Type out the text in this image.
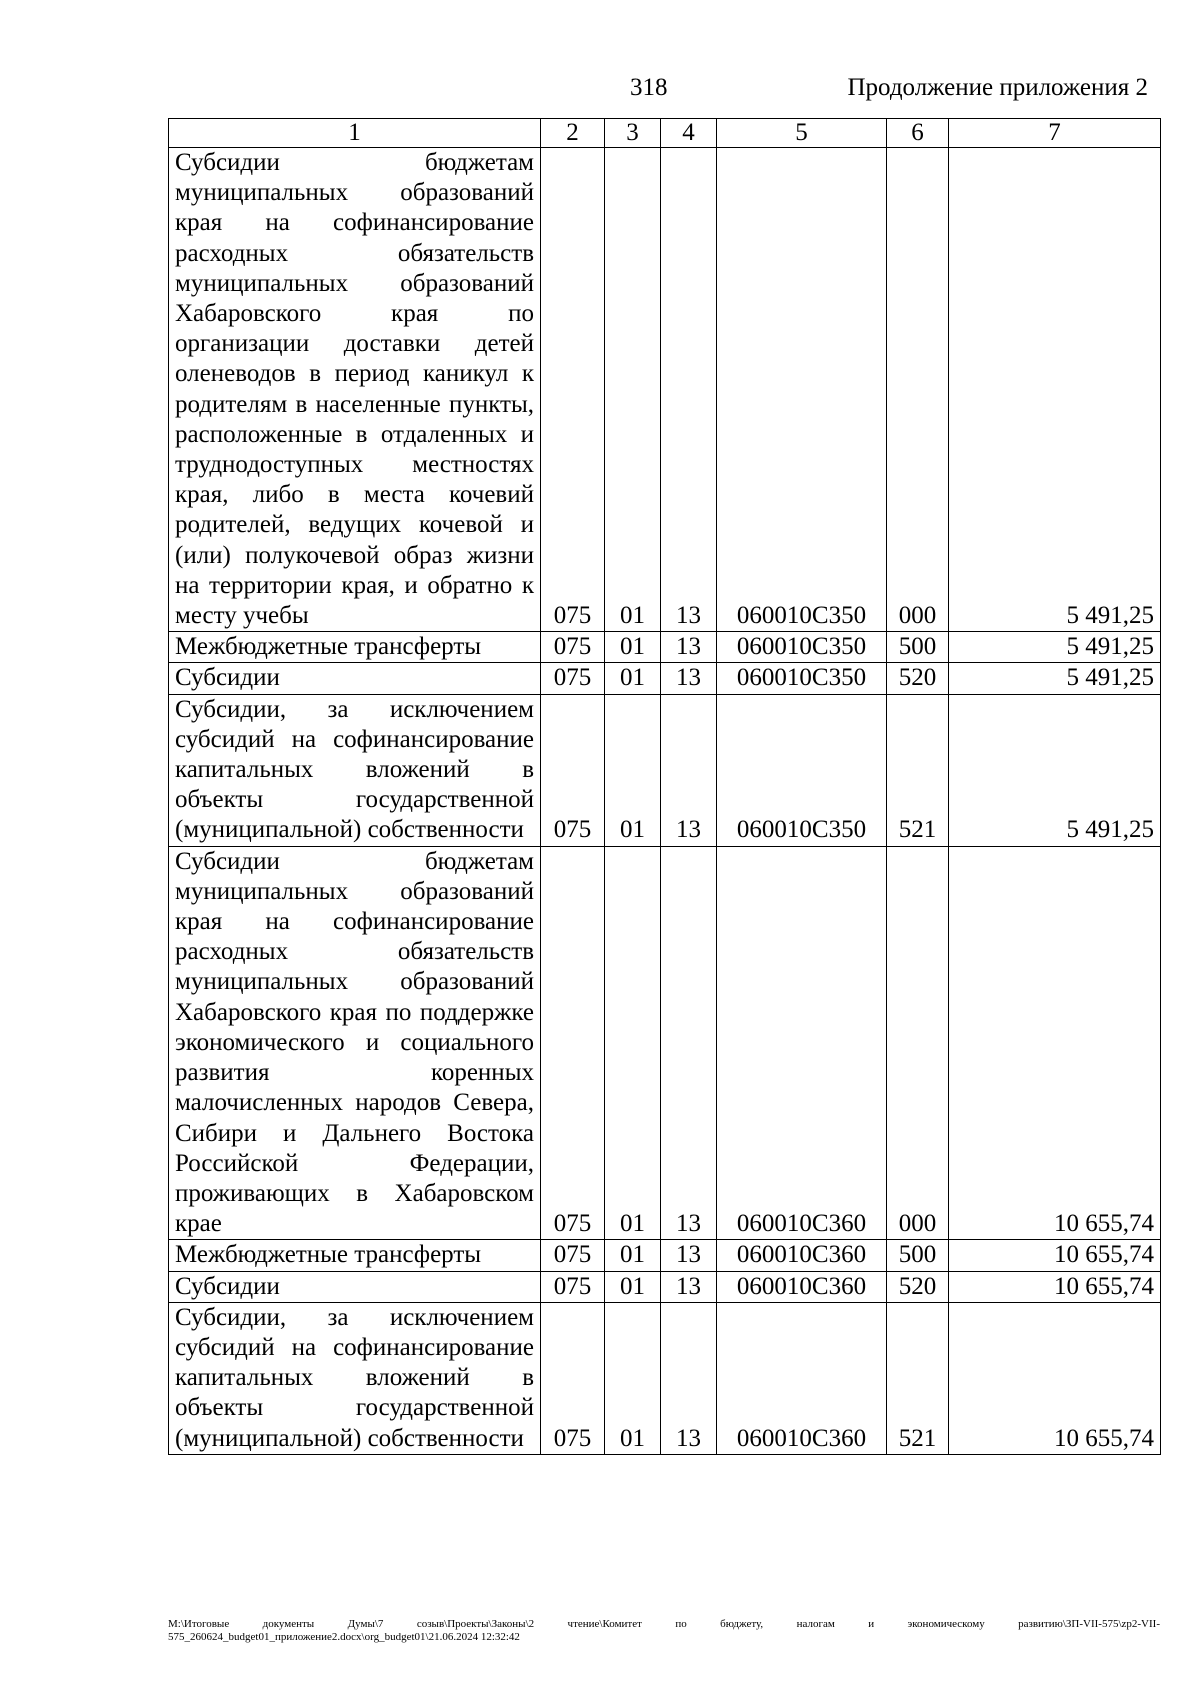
318	Продолжение приложения 2
1	2	3	4	5	6	7
Субсидии бюджетам муниципальных образований края на софинансирование расходных обязательств муниципальных образований Хабаровского края по организации доставки детей оленеводов в период каникул к родителям в населенные пункты, расположенные в отдаленных и труднодоступных местностях края, либо в места кочевий родителей, ведущих кочевой и (или) полукочевой образ жизни на территории края, и обратно к месту учебы	075	01	13	060010С350	000	5 491,25
Межбюджетные трансферты	075	01	13	060010С350	500	5 491,25
Субсидии	075	01	13	060010С350	520	5 491,25
Субсидии, за исключением субсидий на софинансирование капитальных вложений в объекты государственной (муниципальной) собственности	075	01	13	060010С350	521	5 491,25
Субсидии бюджетам муниципальных образований края на софинансирование расходных обязательств муниципальных образований Хабаровского края по поддержке экономического и социального развития коренных малочисленных народов Севера, Сибири и Дальнего Востока Российской Федерации, проживающих в Хабаровском крае	075	01	13	060010С360	000	10 655,74
Межбюджетные трансферты	075	01	13	060010С360	500	10 655,74
Субсидии	075	01	13	060010С360	520	10 655,74
Субсидии, за исключением субсидий на софинансирование капитальных вложений в объекты государственной (муниципальной) собственности	075	01	13	060010С360	521	10 655,74
M:\Итоговые документы Думы\7 созыв\Проекты\Законы\2 чтение\Комитет по бюджету, налогам и экономическому развитию\ЗП-VII-575\zp2-VII-575_260624_budget01_приложение2.docx\org_budget01\21.06.2024 12:32:42
